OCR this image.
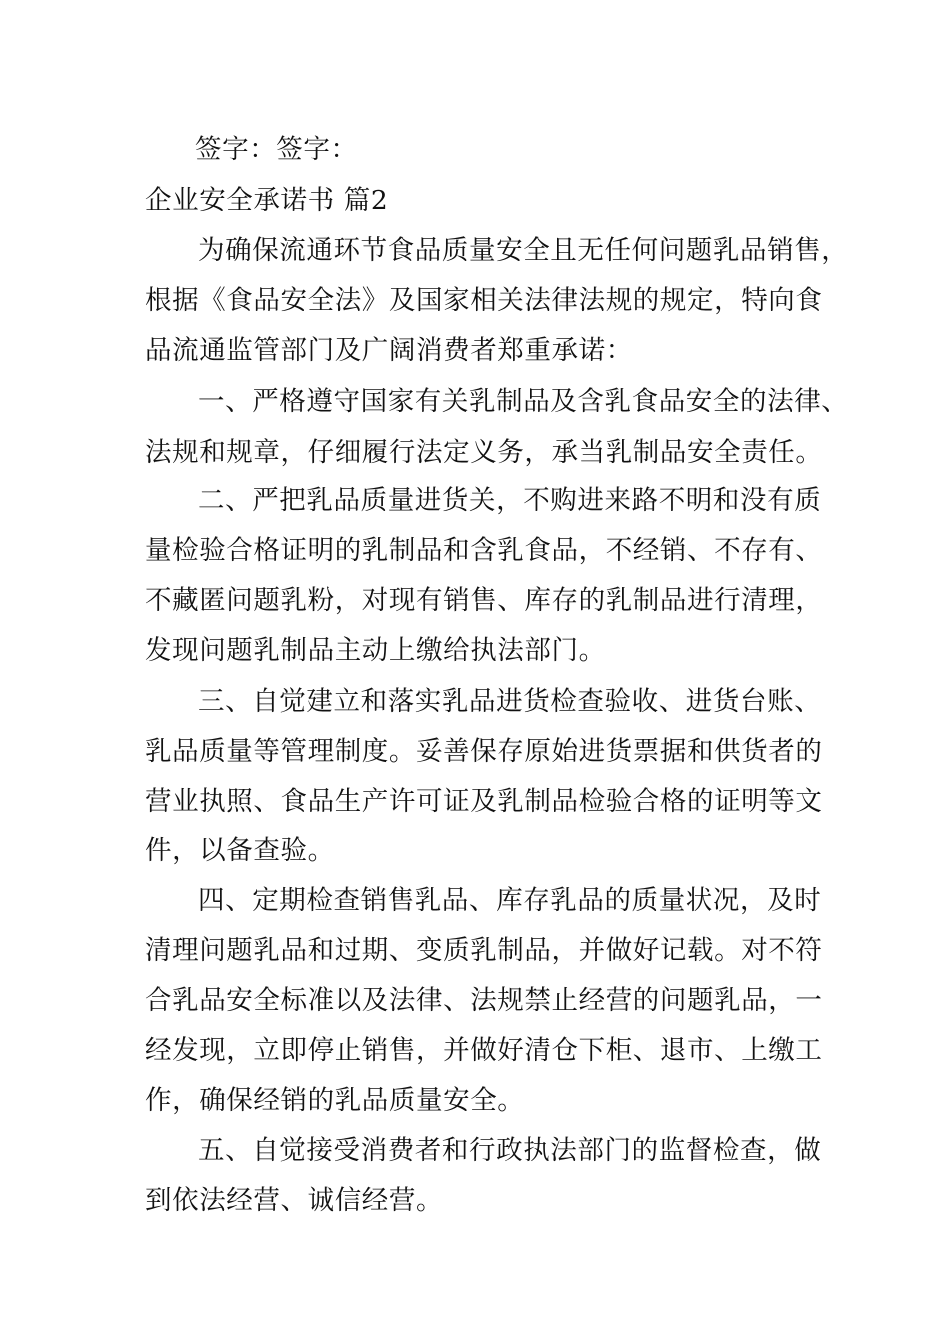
签字：签字：
企业安全承诺书 篇2
为确保流通环节食品质量安全且无任何问题乳品销售，
根据《食品安全法》及国家相关法律法规的规定，特向食
品流通监管部门及广阔消费者郑重承诺：
一、严格遵守国家有关乳制品及含乳食品安全的法律、
法规和规章，仔细履行法定义务，承当乳制品安全责任。
二、严把乳品质量进货关，不购进来路不明和没有质
量检验合格证明的乳制品和含乳食品，不经销、不存有、
不藏匿问题乳粉，对现有销售、库存的乳制品进行清理，
发现问题乳制品主动上缴给执法部门。
三、自觉建立和落实乳品进货检查验收、进货台账、
乳品质量等管理制度。妥善保存原始进货票据和供货者的
营业执照、食品生产许可证及乳制品检验合格的证明等文
件，以备查验。
四、定期检查销售乳品、库存乳品的质量状况，及时
清理问题乳品和过期、变质乳制品，并做好记载。对不符
合乳品安全标准以及法律、法规禁止经营的问题乳品，一
经发现，立即停止销售，并做好清仓下柜、退市、上缴工
作，确保经销的乳品质量安全。
五、自觉接受消费者和行政执法部门的监督检查，做
到依法经营、诚信经营。
